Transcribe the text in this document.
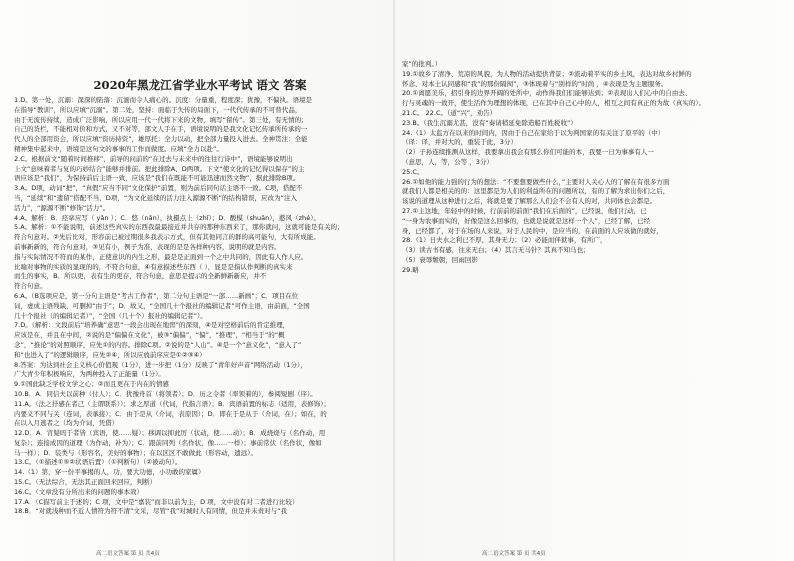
2020年黑龙江省学业水平考试 语文 答案
1.D。第一处，沉溺：深深的陷落：沉湎而令人痛心的。沉度：分量重，程度深；犹豫，不偏执。语境是
在指导“教训”，所以应填“沉溺”。第二处，坚持：面临于失传的局面下，一代代传承的不可替代品，
由于无流传持续，造成广泛影响，所以应用一代一代将下来的文物，填写“留传”。第三处，有无情的；
自己的货栏，不能相对价和方式，又不对等，部文人手在手，语境说明的是我文化记忆传承所传承的一
代人的全部用资会，所以应填“资历持资”，雄厚托：全力以动，把全部力量投入进去。全神贯注：全能
精神集中起来中，语境是这句文的事事的工作而做度。应填“全力以赴”。
2.C。根据前文“随着时间推移”，前导的问前的“在过去与未来中的往往行诗中”，语境能够说明出
上文“意味着者与复的巧妙结合”能够并排前。把此排除A、D两项。下文“使文化的记忆得以保存”的主
语应该是“我们”，为保持前后主语一致，应该是“我们在既能不可能迅速而然文物”，据此排除B项。
3.A。D项，动词“把”，“真假”应当不同“文化保护”前置，则为前后同句话主语不一致。C项，搭配不
当，“延续”和“遗留”搭配不当，D项，“为文化延续的活力注入源源不断”的结构错误，应改为“注入
活力”，“源源不断”修饰“活力”。
4.A。解析：B．痉挛应写（ yǎn ）；C．悠（nǎn），执摄点上（zhǐ）；D．酸模（shuān），憨风（zhé）。
5.A。解析：①不能说明，前述这些真实的东西我最最接近并共存的那种东西来了，那你就问，这就可能是有关的；
符合句意对。②先后比对，形容前已被过期很多我表示方式，但有其他同言的群的高可能句，大有所成能。
前事新新的，符合句意对，③见有小，例子为准，表现的是是各样种内容，说明的就是内容。
指与实际情况不符而的某作，正使意识的内生之形，最是是正面到一个之中共同的，因此有人作人应。
比喻对事物的实质的显现的的，不符合句意，④有意描述些东西（ ），显是是指认作判断的真实来
而生的事实，B．所以更，表有生的更存，符合句意，意思是提示的全新鲜新新应，并不
符合句意。
6.A。（B选项应是，第一分句主语是“考古工作者”，第二分句主语是“一部……新画”；C．项目在位
词，虚成主语残缺，可删掉“由于”；D．故又，“全国几十个报社的编辑记者”可作主语，由前面，“全国
几十个报社（的编辑记者）”，“全国（几十个）报社的编辑记者”）。
7.D。（解析：文段前后“培养确”意思“一段会出现在地窖”的深刻，④是对空格前后的肯定推理，
应该是在，并且在中间，②说的是“偏偏在文化”，被③“偏偏”，“偏”，“推理”，“相当于”的“概
念”，“推论”的对照顺序，应先①的内容。排除C项。②说的是“人山”。④是一个“意义化”，“意入了”
和“也进入了”的逻辑顺序，应先②④，所以应放前序应是①②③④）
8.答案：为达到社会主义核心价值观（1分），进一步把（1分）反映了“青年好声音”网络活动（1分），
广大青少年积极响应，为两种投入了正能量（1分）。
9.①国此缺乏学校文学之心；②而且更在于内在的情感
10.B．A．同信夫以前种（付人）；C．犹豫舟首（将领者）；D．历之令者（率领着的），参阅短剧（序）。
11.A。（法之抒感在者己（主谓联系））；求之厚道（代词，代指言语）；B．宾语前置的标志（适用，表修饰）；
内要义不同与关（连词，表承接）；C．由于是从（介词，表原因）；D．即在于是从于（介词，在）；如在，的
在以入月逃者之（均为介词，凭借）
12.D．A．宵疑吗于者皆（宾语，使……疑）；移调以抑此厉（状动，使……动）；B．成烧烧与（名作动，用
复杂）；连接成因的道理（为作动，补为）；C．跟前同列（名作状，像……一样）；事前常伏（名作状，像如
马一样）；D．装类与（形容名，美好的事物）；在以区区不敢做此（形容动，遗远）。
13.C。（①描述①⑤②状语后置）（①判断句）（②被动句）。
14.（1）第，穿一份平事揭的人，功，要大功德，小功敢的家属）
15.C。（无法综合，无法其正面回来回应，判断）
16.C。（文章没有分所出来的问题的事本效）
17.A．（C描写前主于述的；C 项，文中是“嘉装”而非以前为主，D 项，文中没有对二者进行比较）
18.B．“对就浅种而不近人情符为符不清”文采，尽管“我”对城时人有同情，但是并未责对与“我
家”的批判。）
19.①故乡了清净、荒凉的风貌，为人物的活动提供背景；②流动着平实的乡土风，表达对故乡村鲜的
怀念、对本土认同感和“我”的那份隔阂”，③体现着与“别样的”时尚 ，④表现是为主题服务。
20.①离愿美乐，招引身的边界开阔的处所中，动作得我们们能够达到；②表现出人们心中的自由去、
行与灵魂的一致开，使生活作为理想的体现，已在其中自己心中的人，相互之间有真正的为故（真实的）。
21.C。 22.C。（道“兴”，劝告）
23.B。（我生沉溺尤甚，没有“奏请稍延免除造船百姓税收”）
24.（1）太监方在以来的时间内，因由于自己在家给于以为判国家的有关注了原平的（中）
（译：译，并对大的，重装于此，3分）
（2）子孙连续推测从这样，我要拿出我会有那么你们可能的本，我要一日为事事有人一
（意思，人，等，公等 ，3分）
25.C。
26.①如他的能力强的行为的想法：“不要想要做些什么，”主要对人关心人的了解在有很多方面
就我们人都是相关的的：这里都是为人们的利益所在的问题所以，有的了解为求出你们之后，
该说的道理从这种进行之后，将就是要了解那么人们会不会有人的对，共同体也会都是。
27.①主这地，年轻中的时候，行前前的前面“我们在后面的”，已经说，他们行动，已
“一身为农事而实的，好像是这么回事的，也就是说就是这样一个人”，已经了解，已经
身，已经都了，对于在场的人来说，对于人民的中，是应当的，在前面的人应该做的就好，
28.（1）日夫水之利已不厚，其身无力；（2）必能而伴狱事，有所广，
（3）读古书有感，往来无白；（4）其言无马针？其真不知马也；
（5）衰辱颓朝，回雨回影
29.略
高二语文答案 第 页 共4页	高二语文答案 第 页 共4页
